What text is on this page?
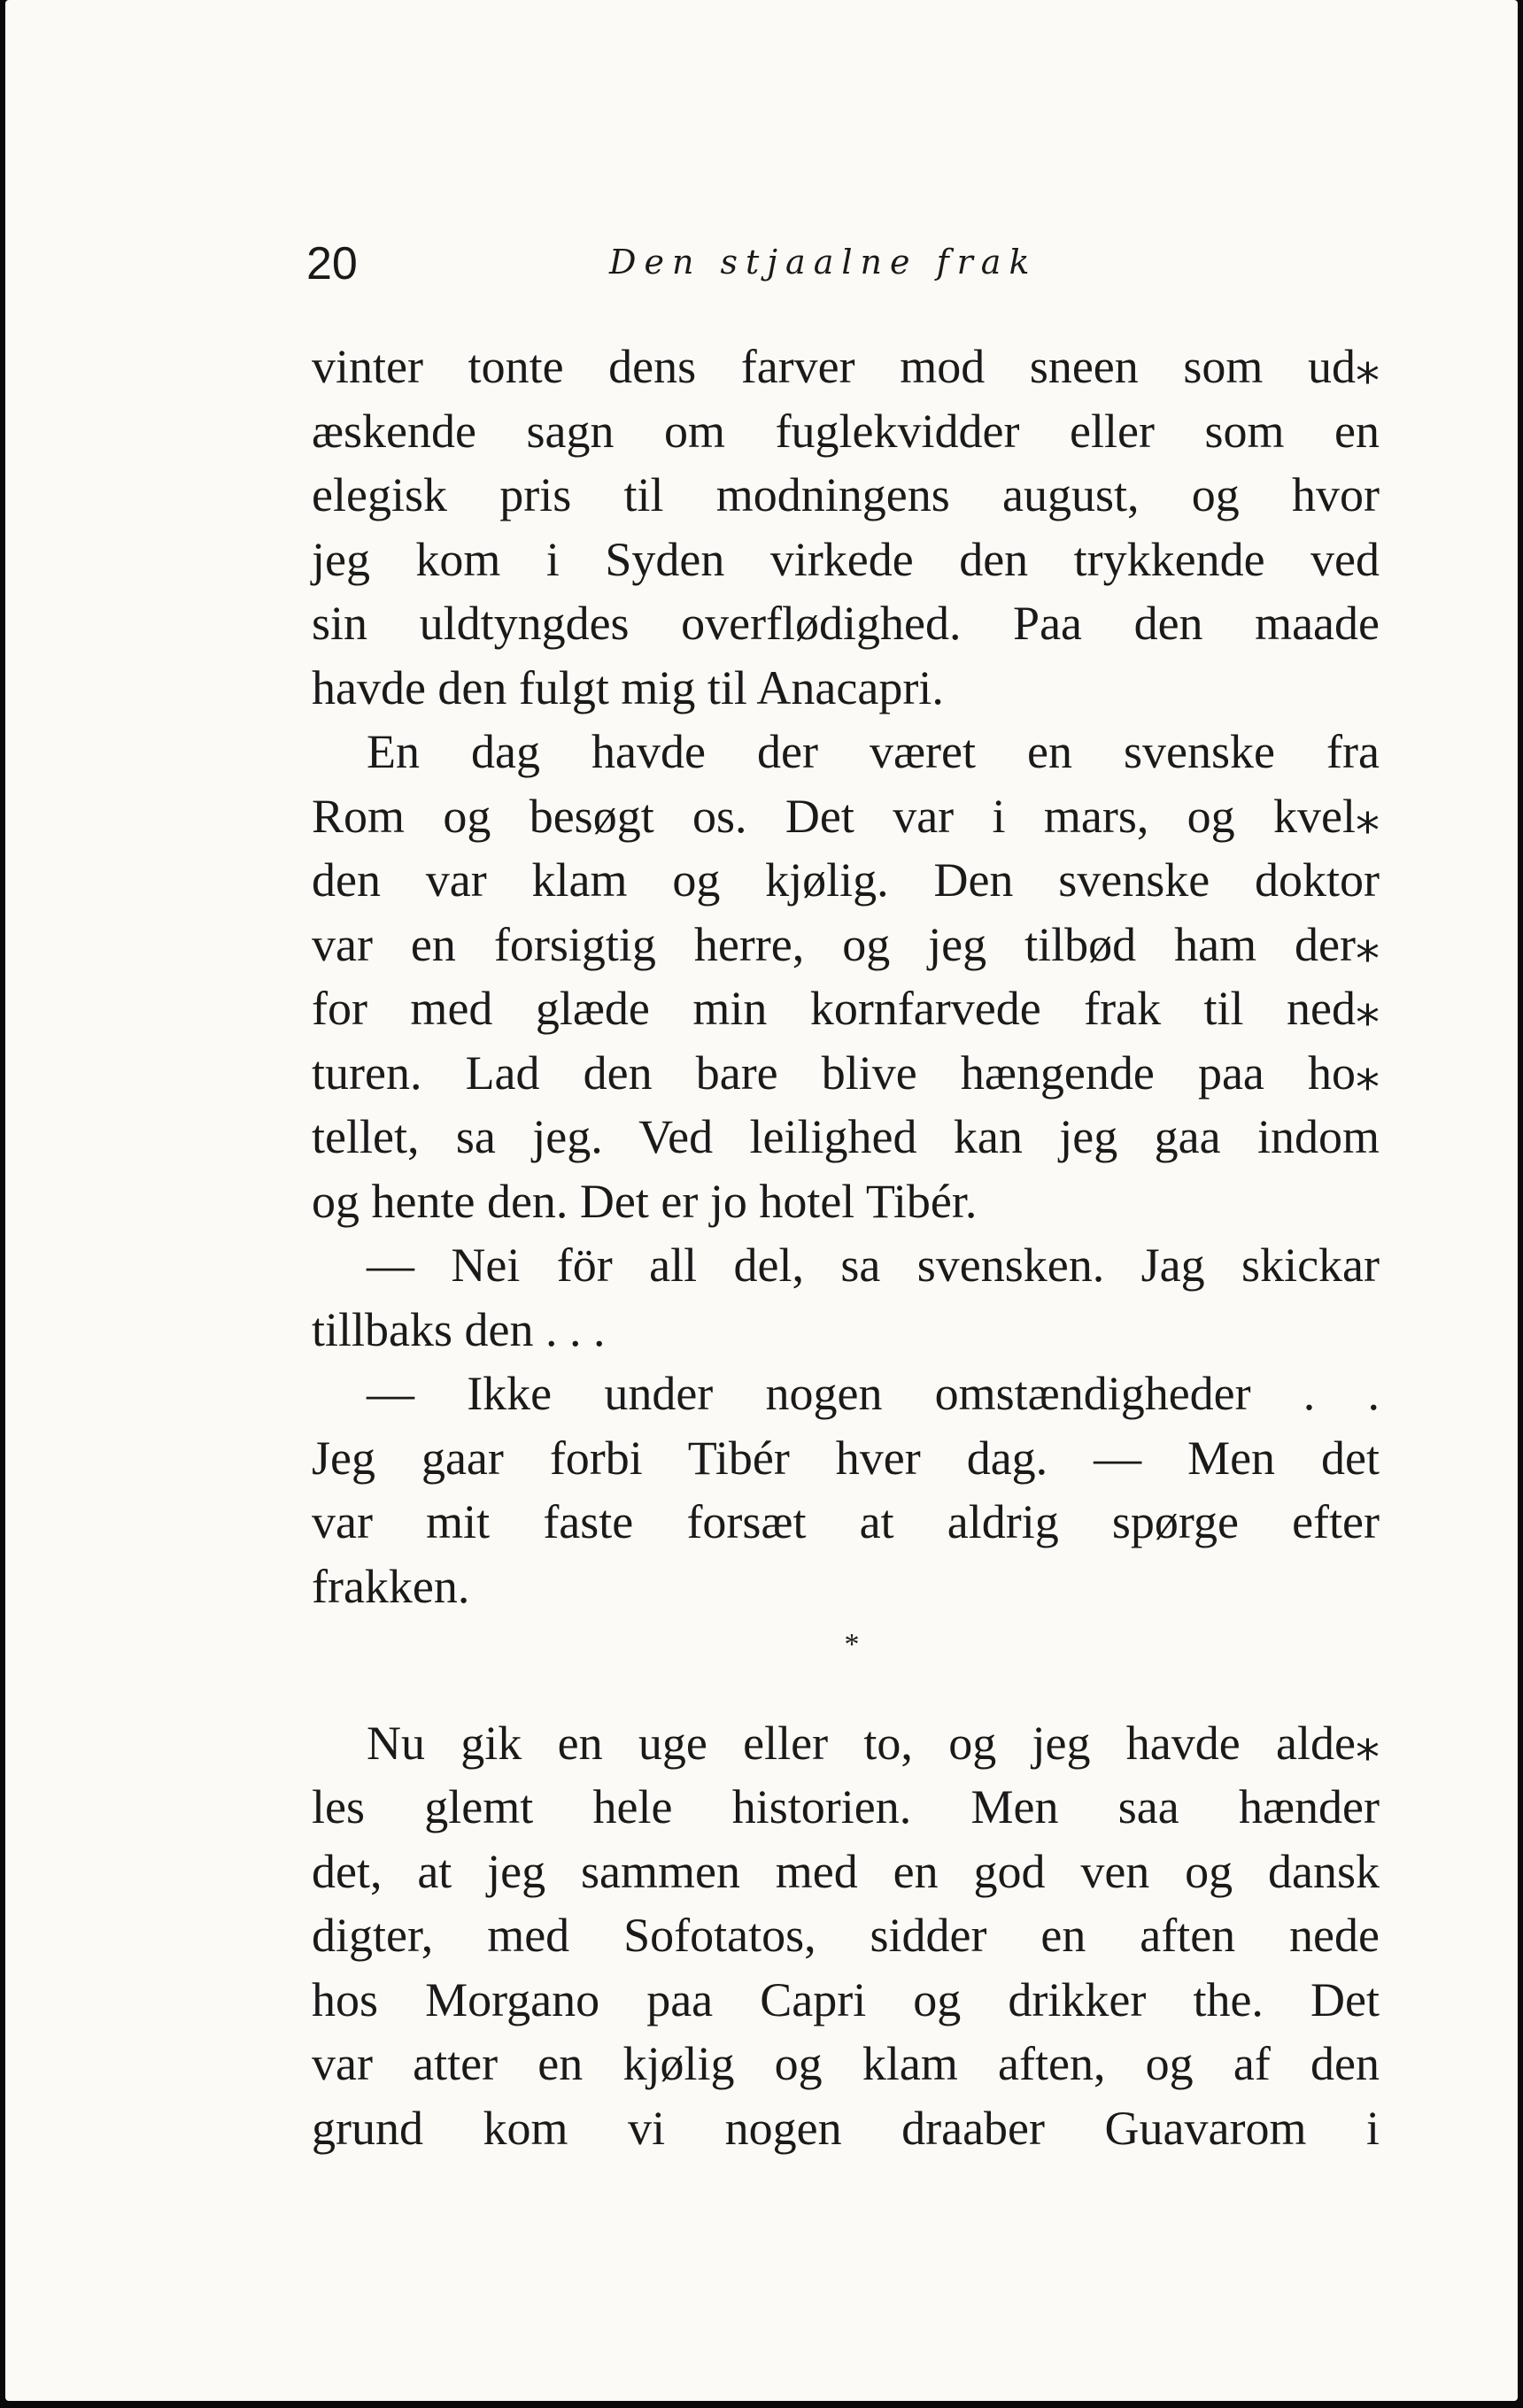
20	Den stjaalne frak
vinter tonte dens farver mod sneen som ud⁎
æskende sagn om fuglekvidder eller som en
elegisk pris til modningens august, og hvor
jeg kom i Syden virkede den trykkende ved
sin uldtyngdes overflødighed. Paa den maade
havde den fulgt mig til Anacapri.
En dag havde der været en svenske fra
Rom og besøgt os. Det var i mars, og kvel⁎
den var klam og kjølig. Den svenske doktor
var en forsigtig herre, og jeg tilbød ham der⁎
for med glæde min kornfarvede frak til ned⁎
turen. Lad den bare blive hængende paa ho⁎
tellet, sa jeg. Ved leilighed kan jeg gaa indom
og hente den. Det er jo hotel Tibér.
— Nei för all del, sa svensken. Jag skickar
tillbaks den . . .
— Ikke under nogen omstændigheder . .
Jeg gaar forbi Tibér hver dag. — Men det
var mit faste forsæt at aldrig spørge efter
frakken.
*
Nu gik en uge eller to, og jeg havde alde⁎
les glemt hele historien. Men saa hænder
det, at jeg sammen med en god ven og dansk
digter, med Sofotatos, sidder en aften nede
hos Morgano paa Capri og drikker the. Det
var atter en kjølig og klam aften, og af den
grund kom vi nogen draaber Guavarom i
